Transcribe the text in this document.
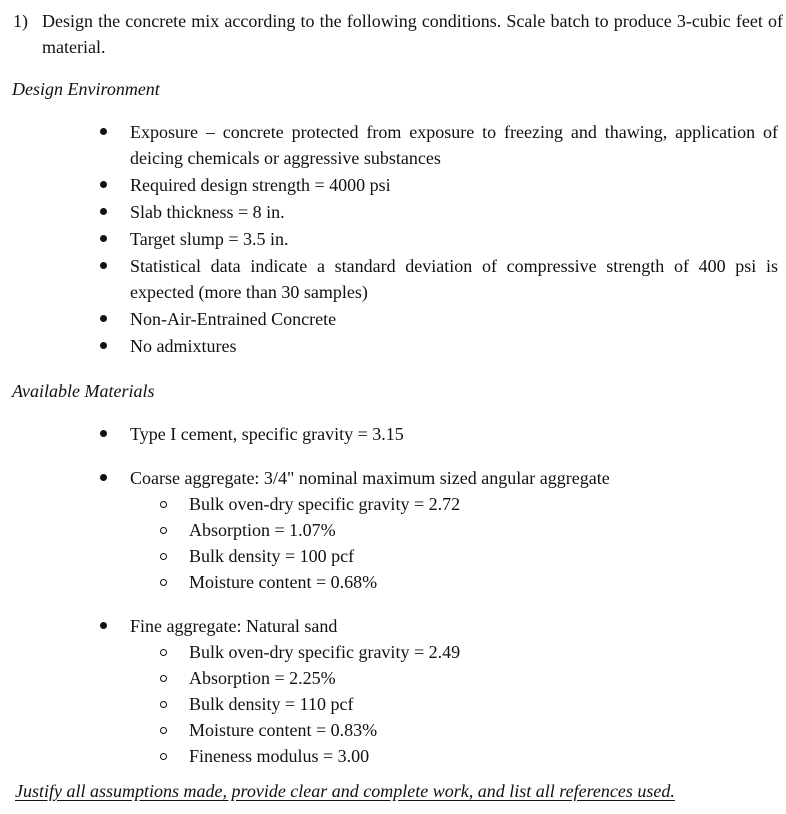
1) Design the concrete mix according to the following conditions. Scale batch to produce 3-cubic feet of material.
Design Environment
Exposure – concrete protected from exposure to freezing and thawing, application of deicing chemicals or aggressive substances
Required design strength = 4000 psi
Slab thickness = 8 in.
Target slump = 3.5 in.
Statistical data indicate a standard deviation of compressive strength of 400 psi is expected (more than 30 samples)
Non-Air-Entrained Concrete
No admixtures
Available Materials
Type I cement, specific gravity = 3.15
Coarse aggregate: 3/4" nominal maximum sized angular aggregate
Bulk oven-dry specific gravity = 2.72
Absorption = 1.07%
Bulk density = 100 pcf
Moisture content = 0.68%
Fine aggregate: Natural sand
Bulk oven-dry specific gravity = 2.49
Absorption = 2.25%
Bulk density = 110 pcf
Moisture content = 0.83%
Fineness modulus = 3.00
Justify all assumptions made, provide clear and complete work, and list all references used.
